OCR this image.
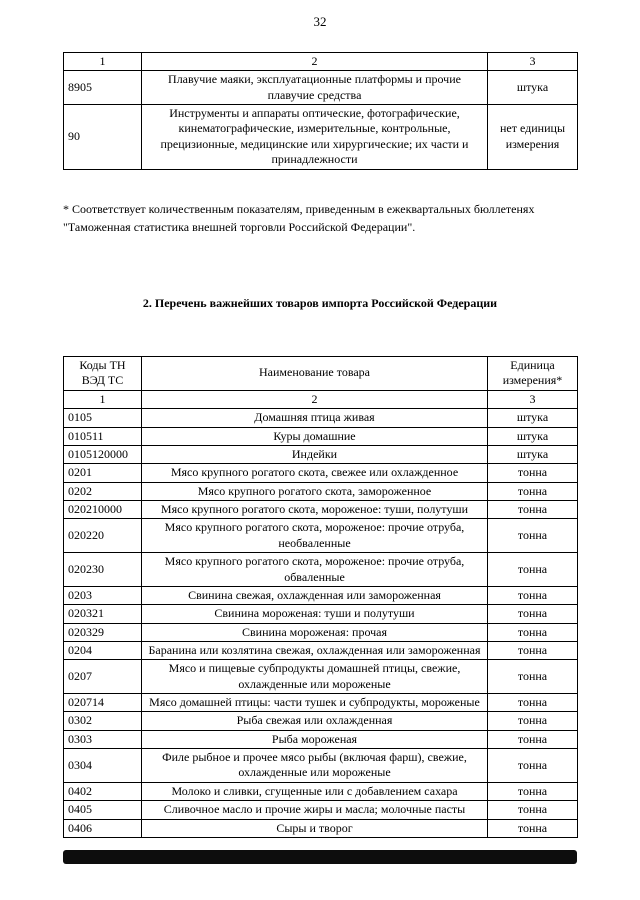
32
1	2	3
8905	Плавучие маяки, эксплуатационные платформы и прочие плавучие средства	штука
90	Инструменты и аппараты оптические, фотографические, кинематографические, измерительные, контрольные, прецизионные, медицинские или хирургические; их части и принадлежности	нет единицы измерения

* Соответствует количественным показателям, приведенным в ежеквартальных бюллетенях "Таможенная статистика внешней торговли Российской Федерации".

2. Перечень важнейших товаров импорта Российской Федерации
Коды ТН ВЭД ТС	Наименование товара	Единица измерения*
1	2	3
0105	Домашняя птица живая	штука
010511	Куры домашние	штука
0105120000	Индейки	штука
0201	Мясо крупного рогатого скота, свежее или охлажденное	тонна
0202	Мясо крупного рогатого скота, замороженное	тонна
020210000	Мясо крупного рогатого скота, мороженое: туши, полутуши	тонна
020220	Мясо крупного рогатого скота, мороженое: прочие отруба, необваленные	тонна
020230	Мясо крупного рогатого скота, мороженое: прочие отруба, обваленные	тонна
0203	Свинина свежая, охлажденная или замороженная	тонна
020321	Свинина мороженая: туши и полутуши	тонна
020329	Свинина мороженая: прочая	тонна
0204	Баранина или козлятина свежая, охлажденная или замороженная	тонна
0207	Мясо и пищевые субпродукты домашней птицы, свежие, охлажденные или мороженые	тонна
020714	Мясо домашней птицы: части тушек и субпродукты, мороженые	тонна
0302	Рыба свежая или охлажденная	тонна
0303	Рыба мороженая	тонна
0304	Филе рыбное и прочее мясо рыбы (включая фарш), свежие, охлажденные или мороженые	тонна
0402	Молоко и сливки, сгущенные или с добавлением сахара	тонна
0405	Сливочное масло и прочие жиры и масла; молочные пасты	тонна
0406	Сыры и творог	тонна
